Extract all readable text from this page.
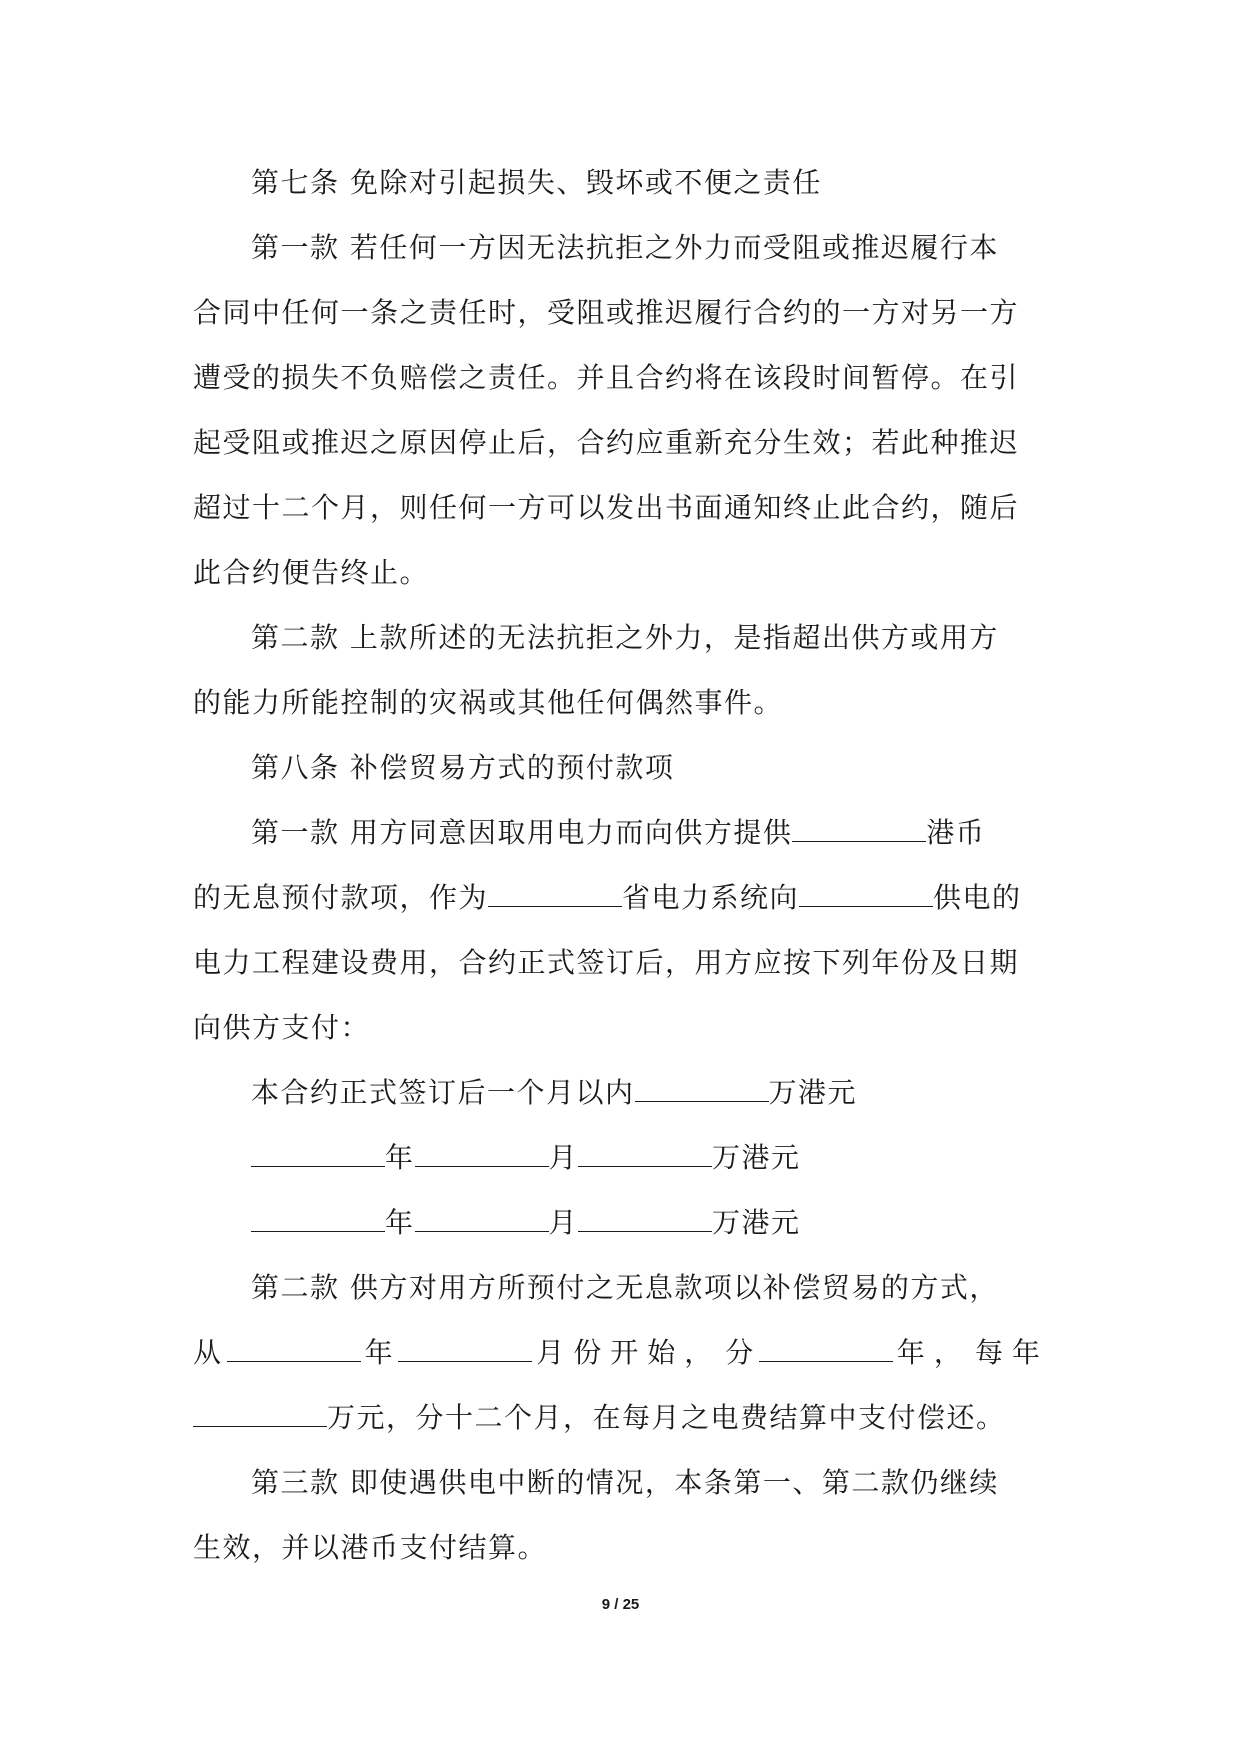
第七条 免除对引起损失、毁坏或不便之责任
第一款 若任何一方因无法抗拒之外力而受阻或推迟履行本
合同中任何一条之责任时，受阻或推迟履行合约的一方对另一方
遭受的损失不负赔偿之责任。并且合约将在该段时间暂停。在引
起受阻或推迟之原因停止后，合约应重新充分生效；若此种推迟
超过十二个月，则任何一方可以发出书面通知终止此合约，随后
此合约便告终止。
第二款 上款所述的无法抗拒之外力，是指超出供方或用方
的能力所能控制的灾祸或其他任何偶然事件。
第八条 补偿贸易方式的预付款项
第一款 用方同意因取用电力而向供方提供	港币
的无息预付款项，作为	省电力系统向	供电的
电力工程建设费用，合约正式签订后，用方应按下列年份及日期
向供方支付：
本合约正式签订后一个月以内	万港元
年	月	万港元
年	月	万港元
第二款 供方对用方所预付之无息款项以补偿贸易的方式，
从	年	月份开始， 分	年， 每年
万元，分十二个月，在每月之电费结算中支付偿还。
第三款 即使遇供电中断的情况，本条第一、第二款仍继续
生效，并以港币支付结算。
9 / 25
